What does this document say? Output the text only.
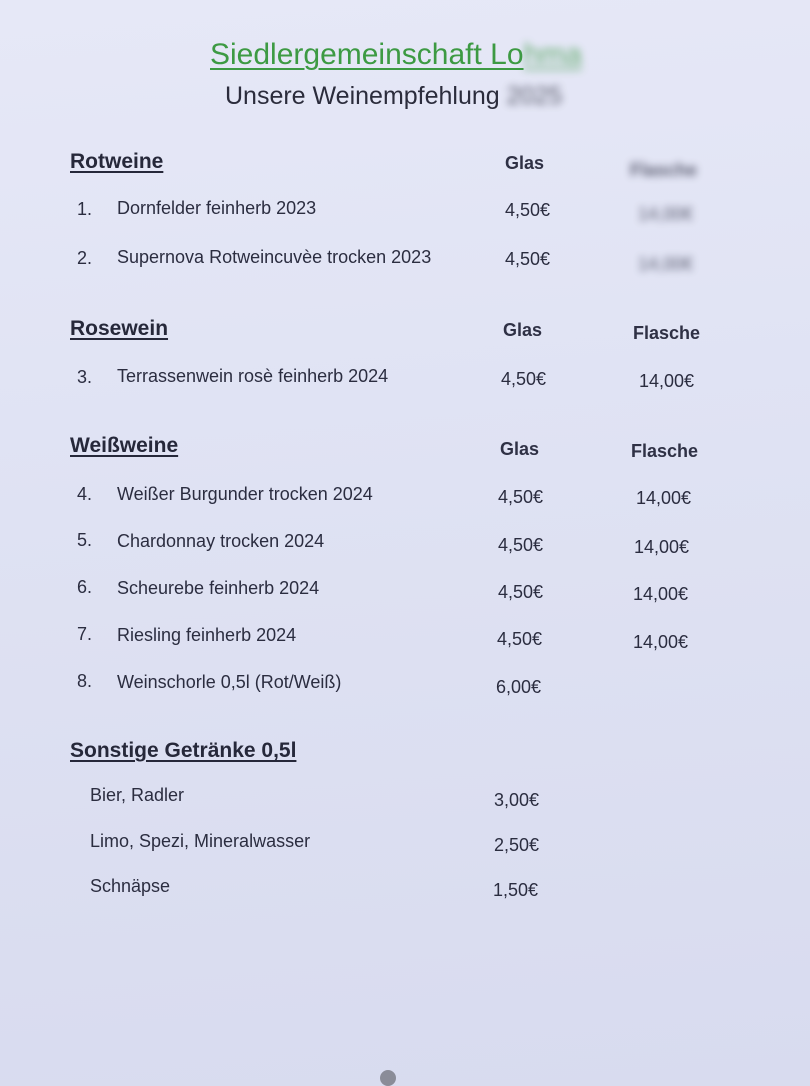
Siedlergemeinschaft Lohma
Unsere Weinempfehlung 2025
Rotweine	Glas	Flasche
1. Dornfelder feinherb 2023	4,50€	14,00€
2. Supernova Rotweincuvèe trocken 2023	4,50€	14,00€
Rosewein	Glas	Flasche
3. Terrassenwein rosè feinherb 2024	4,50€	14,00€
Weißweine	Glas	Flasche
4. Weißer Burgunder trocken 2024	4,50€	14,00€
5. Chardonnay trocken 2024	4,50€	14,00€
6. Scheurebe feinherb 2024	4,50€	14,00€
7. Riesling feinherb 2024	4,50€	14,00€
8. Weinschorle 0,5l (Rot/Weiß)	6,00€
Sonstige Getränke 0,5l
Bier, Radler	3,00€
Limo, Spezi, Mineralwasser	2,50€
Schnäpse	1,50€
